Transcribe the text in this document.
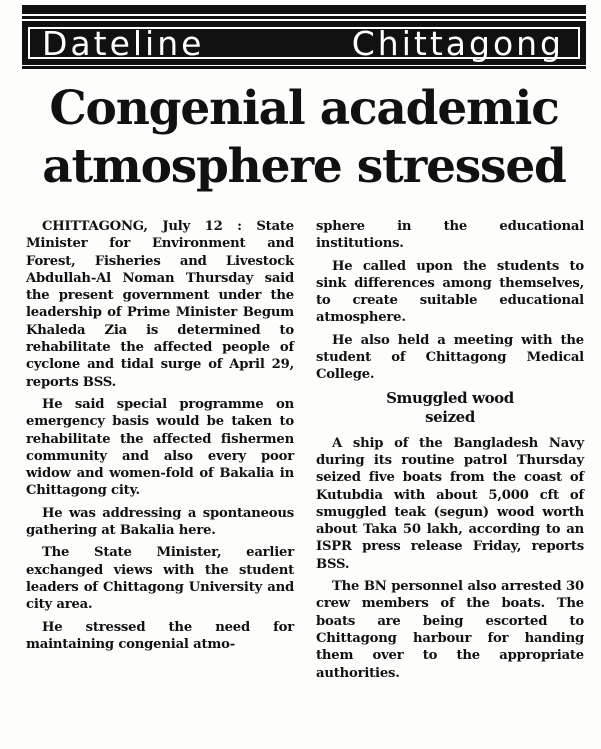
Dateline	Chittagong
Congenial academic
atmosphere stressed

CHITTAGONG, July 12 : State Minister for Environment and Forest, Fisheries and Livestock Abdullah-Al Noman Thursday said the present government under the leadership of Prime Minister Begum Khaleda Zia is determined to rehabilitate the affected people of cyclone and tidal surge of April 29, reports BSS.

He said special programme on emergency basis would be taken to rehabilitate the affected fishermen community and also every poor widow and women-fold of Bakalia in Chittagong city.

He was addressing a spontaneous gathering at Bakalia here.

The State Minister, earlier exchanged views with the student leaders of Chittagong University and city area.

He stressed the need for maintaining congenial atmo-

sphere in the educational institutions.

He called upon the students to sink differences among themselves, to create suitable educational atmosphere.

He also held a meeting with the student of Chittagong Medical College.

Smuggled wood
seized

A ship of the Bangladesh Navy during its routine patrol Thursday seized five boats from the coast of Kutubdia with about 5,000 cft of smuggled teak (segun) wood worth about Taka 50 lakh, according to an ISPR press release Friday, reports BSS.

The BN personnel also arrested 30 crew members of the boats. The boats are being escorted to Chittagong harbour for handing them over to the appropriate authorities.
